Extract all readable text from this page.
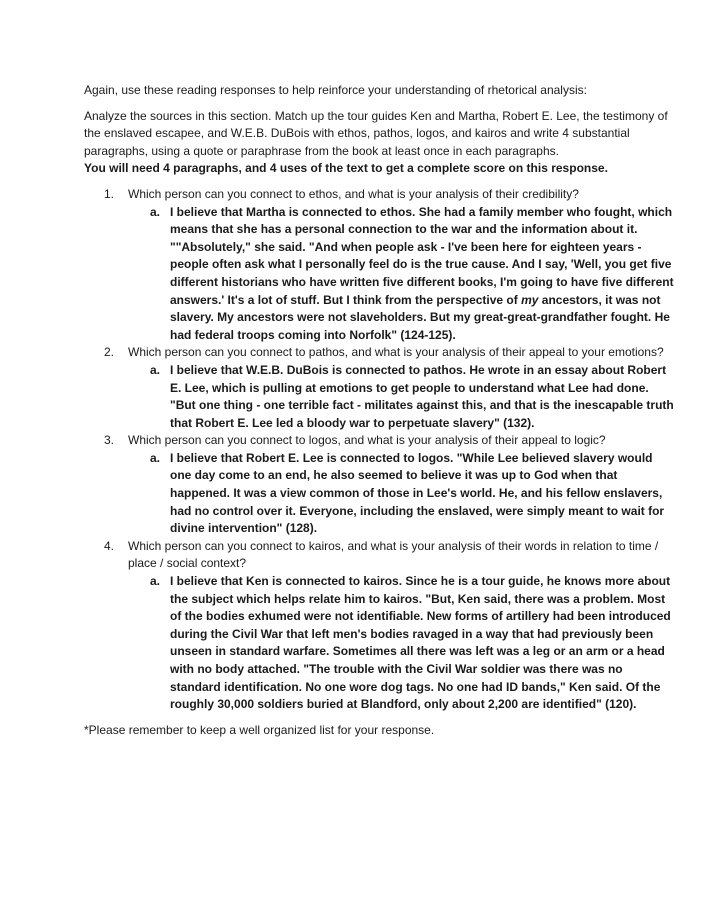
Again, use these reading responses to help reinforce your understanding of rhetorical analysis:

Analyze the sources in this section. Match up the tour guides Ken and Martha, Robert E. Lee, the testimony of the enslaved escapee, and W.E.B. DuBois with ethos, pathos, logos, and kairos and write 4 substantial paragraphs, using a quote or paraphrase from the book at least once in each paragraphs.
You will need 4 paragraphs, and 4 uses of the text to get a complete score on this response.

1. Which person can you connect to ethos, and what is your analysis of their credibility?
a. I believe that Martha is connected to ethos. She had a family member who fought, which means that she has a personal connection to the war and the information about it. ""Absolutely," she said. "And when people ask - I've been here for eighteen years - people often ask what I personally feel do is the true cause. And I say, 'Well, you get five different historians who have written five different books, I'm going to have five different answers.' It's a lot of stuff. But I think from the perspective of my ancestors, it was not slavery. My ancestors were not slaveholders. But my great-great-grandfather fought. He had federal troops coming into Norfolk" (124-125).
2. Which person can you connect to pathos, and what is your analysis of their appeal to your emotions?
a. I believe that W.E.B. DuBois is connected to pathos. He wrote in an essay about Robert E. Lee, which is pulling at emotions to get people to understand what Lee had done. "But one thing - one terrible fact - militates against this, and that is the inescapable truth that Robert E. Lee led a bloody war to perpetuate slavery" (132).
3. Which person can you connect to logos, and what is your analysis of their appeal to logic?
a. I believe that Robert E. Lee is connected to logos. "While Lee believed slavery would one day come to an end, he also seemed to believe it was up to God when that happened. It was a view common of those in Lee's world. He, and his fellow enslavers, had no control over it. Everyone, including the enslaved, were simply meant to wait for divine intervention" (128).
4. Which person can you connect to kairos, and what is your analysis of their words in relation to time / place / social context?
a. I believe that Ken is connected to kairos. Since he is a tour guide, he knows more about the subject which helps relate him to kairos. "But, Ken said, there was a problem. Most of the bodies exhumed were not identifiable. New forms of artillery had been introduced during the Civil War that left men's bodies ravaged in a way that had previously been unseen in standard warfare. Sometimes all there was left was a leg or an arm or a head with no body attached. "The trouble with the Civil War soldier was there was no standard identification. No one wore dog tags. No one had ID bands," Ken said. Of the roughly 30,000 soldiers buried at Blandford, only about 2,200 are identified" (120).

*Please remember to keep a well organized list for your response.
